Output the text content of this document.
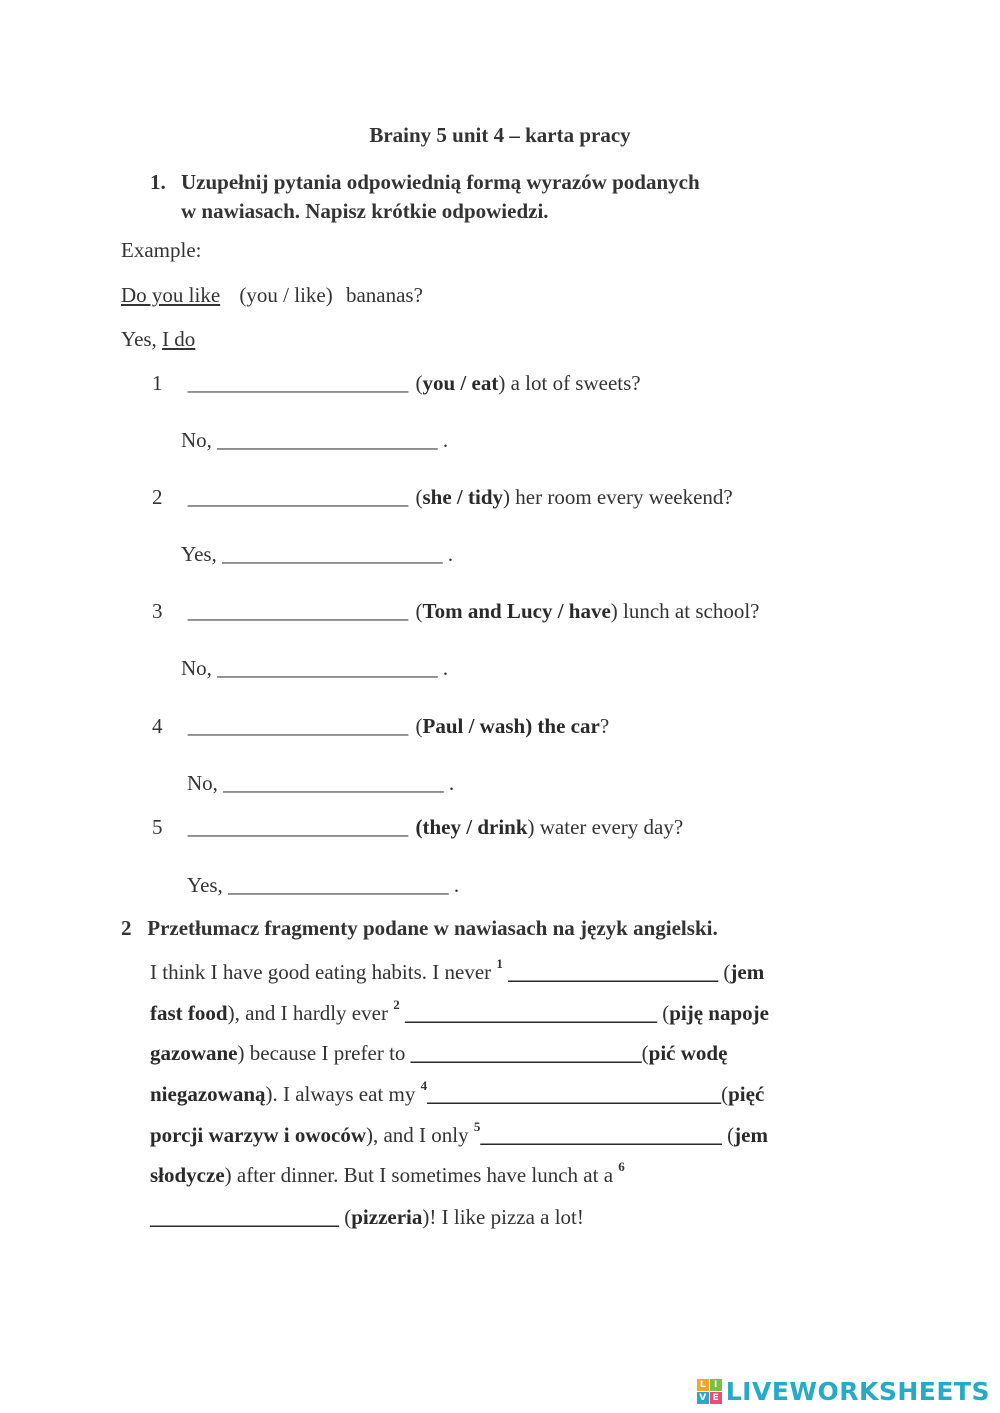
Brainy 5 unit 4 – karta pracy
1. Uzupełnij pytania odpowiednią formą wyrazów podanych
w nawiasach. Napisz krótkie odpowiedzi.
Example:
Do you like (you / like) bananas?
Yes, I do
1 _____________________ (you / eat) a lot of sweets?
No, _____________________ .
2 _____________________ (she / tidy) her room every weekend?
Yes, _____________________ .
3 _____________________ (Tom and Lucy / have) lunch at school?
No, _____________________ .
4 _____________________ (Paul / wash) the car?
No, _____________________ .
5 _____________________ (they / drink) water every day?
Yes, _____________________ .
2   Przetłumacz fragmenty podane w nawiasach na język angielski.
I think I have good eating habits. I never $^1$ ____________________ (jem
fast food), and I hardly ever $^2$ ________________________ (piję napoje
gazowane) because I prefer to ______________________(pić wodę
niegazowaną). I always eat my $^4$____________________________(pięć
porcji warzyw i owoców), and I only $^5$_______________________ (jem
słodycze) after dinner. But I sometimes have lunch at a $^6$
__________________ (pizzeria)! I like pizza a lot!
L I
V E LIVEWORKSHEETS
